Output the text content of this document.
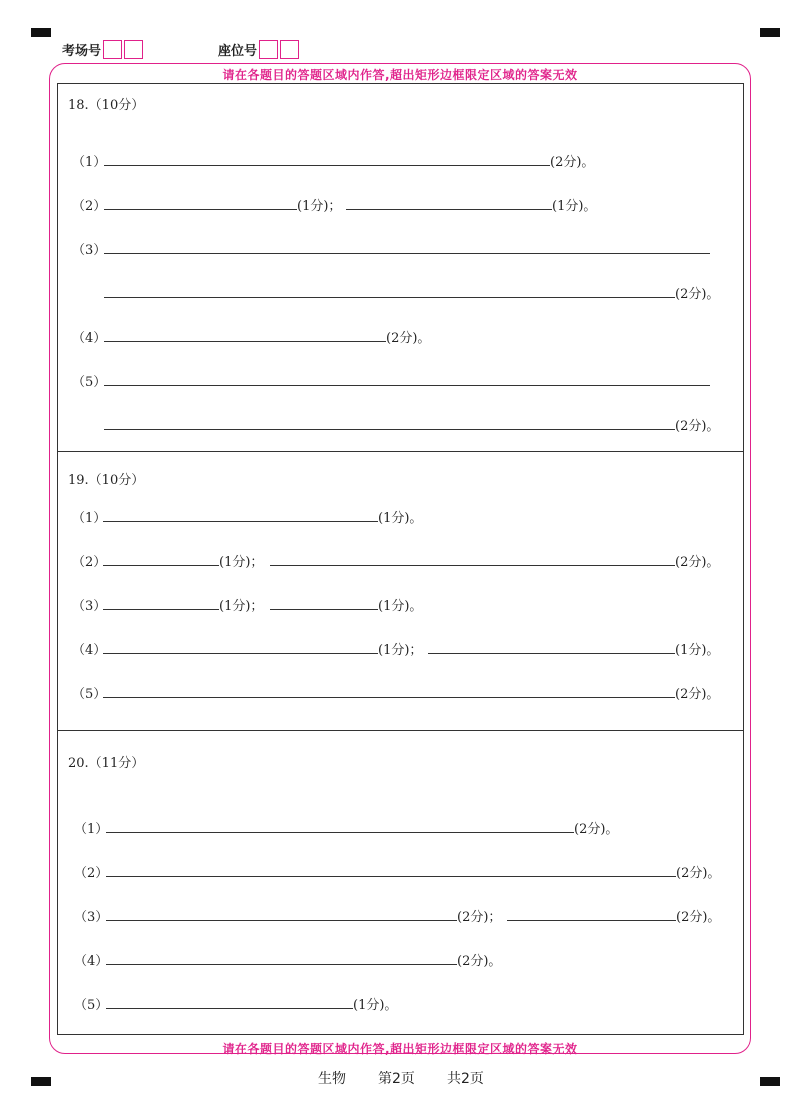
考场号	座位号
请在各题目的答题区域内作答,超出矩形边框限定区域的答案无效
请在各题目的答题区域内作答,超出矩形边框限定区域的答案无效
18.（10分）
（1）	(2分)。
（2）	(1分)；	(1分)。
（3）
(2分)。
（4）	(2分)。
（5）
(2分)。
19.（10分）
（1）	(1分)。
（2）	(1分)；	(2分)。
（3）	(1分)；	(1分)。
（4）	(1分)；	(1分)。
（5）	(2分)。
20.（11分）
（1）	(2分)。
（2）	(2分)。
（3）	(2分)；	(2分)。
（4）	(2分)。
（5）	(1分)。
生物 第2页 共2页
